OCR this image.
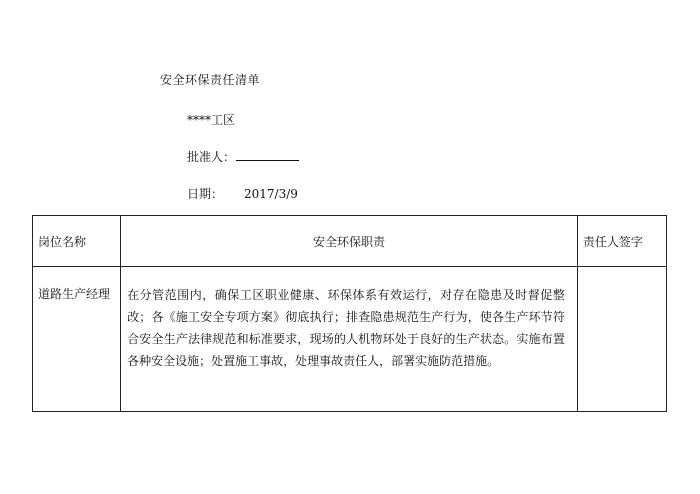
安全环保责任清单
****工区
批准人：
日期： 2017/3/9
岗位名称	安全环保职责	责任人签字
道路生产经理	在分管范围内，确保工区职业健康、环保体系有效运行，对存在隐患及时督促整改；各《施工安全专项方案》彻底执行；排查隐患规范生产行为，使各生产环节符合安全生产法律规范和标准要求，现场的人机物环处于良好的生产状态。实施布置各种安全设施；处置施工事故，处理事故责任人，部署实施防范措施。	
